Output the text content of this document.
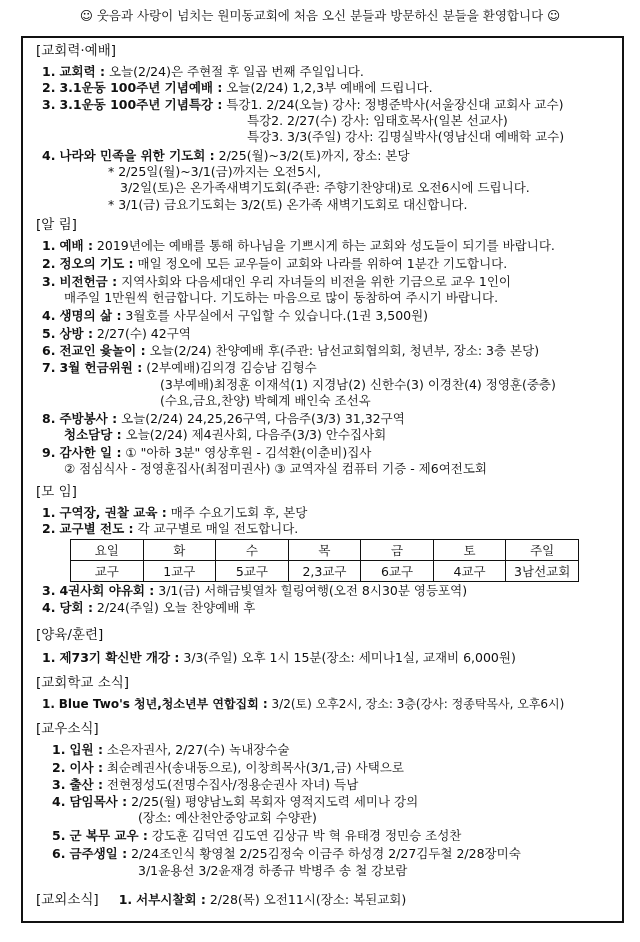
☺ 웃음과 사랑이 넘치는 원미동교회에 처음 오신 분들과 방문하신 분들을 환영합니다 ☺
[교회력·예배]
1. 교회력 : 오늘(2/24)은 주현절 후 일곱 번째 주일입니다.
2. 3.1운동 100주년 기념예배 : 오늘(2/24) 1,2,3부 예배에 드립니다.
3. 3.1운동 100주년 기념특강 : 특강1. 2/24(오늘) 강사: 정병준박사(서울장신대 교회사 교수)
특강2. 2/27(수) 강사: 임태호목사(일본 선교사)
특강3. 3/3(주일) 강사: 김명실박사(영남신대 예배학 교수)
4. 나라와 민족을 위한 기도회 : 2/25(월)~3/2(토)까지, 장소: 본당
* 2/25일(월)~3/1(금)까지는 오전5시,
3/2일(토)은 온가족새벽기도회(주관: 주향기찬양대)로 오전6시에 드립니다.
* 3/1(금) 금요기도회는 3/2(토) 온가족 새벽기도회로 대신합니다.
[알 림]
1. 예배 : 2019년에는 예배를 통해 하나님을 기쁘시게 하는 교회와 성도들이 되기를 바랍니다.
2. 정오의 기도 : 매일 정오에 모든 교우들이 교회와 나라를 위하여 1분간 기도합니다.
3. 비전헌금 : 지역사회와 다음세대인 우리 자녀들의 비전을 위한 기금으로 교우 1인이
매주일 1만원씩 헌금합니다. 기도하는 마음으로 많이 동참하여 주시기 바랍니다.
4. 생명의 삶 : 3월호를 사무실에서 구입할 수 있습니다.(1권 3,500원)
5. 상방 : 2/27(수) 42구역
6. 전교인 윷놀이 : 오늘(2/24) 찬양예배 후(주관: 남선교회협의회, 청년부, 장소: 3층 본당)
7. 3월 헌금위원 : (2부예배)김의경 김승남 김형수
(3부예배)최정훈 이재석(1) 지경남(2) 신한수(3) 이경찬(4) 정영훈(중층)
(수요,금요,찬양) 박혜계 배인숙 조선옥
8. 주방봉사 : 오늘(2/24) 24,25,26구역, 다음주(3/3) 31,32구역
청소담당 : 오늘(2/24) 제4권사회, 다음주(3/3) 안수집사회
9. 감사한 일 : ① "아하 3분" 영상후원 - 김석환(이춘비)집사
② 점심식사 - 정영훈집사(최점미권사) ③ 교역자실 컴퓨터 기증 - 제6여전도회
[모 임]
1. 구역장, 권찰 교육 : 매주 수요기도회 후, 본당
2. 교구별 전도 : 각 교구별로 매일 전도합니다.
요일	화	수	목	금	토	주일
교구	1교구	5교구	2,3교구	6교구	4교구	3남선교회
3. 4권사회 야유회 : 3/1(금) 서해금빛열차 힐링여행(오전 8시30분 영등포역)
4. 당회 : 2/24(주일) 오늘 찬양예배 후
[양육/훈련]
1. 제73기 확신반 개강 : 3/3(주일) 오후 1시 15분(장소: 세미나1실, 교재비 6,000원)
[교회학교 소식]
1. Blue Two's 청년,청소년부 연합집회 : 3/2(토) 오후2시, 장소: 3층(강사: 정종탁목사, 오후6시)
[교우소식]
1. 입원 : 소은자권사, 2/27(수) 녹내장수술
2. 이사 : 최순례권사(송내동으로), 이창희목사(3/1,금) 사택으로
3. 출산 : 전현정성도(전명수집사/정용순권사 자녀) 득남
4. 담임목사 : 2/25(월) 평양남노회 목회자 영적지도력 세미나 강의
(장소: 예산천안중앙교회 수양관)
5. 군 복무 교우 : 강도훈 김덕연 김도연 김상규 박 혁 유태경 정민승 조성찬
6. 금주생일 : 2/24조인식 황영철 2/25김정숙 이금주 하성경 2/27김두철 2/28장미숙
3/1윤용선 3/2윤재경 하종규 박병주 송 철 강보람
[교외소식] 1. 서부시찰회 : 2/28(목) 오전11시(장소: 복된교회)
